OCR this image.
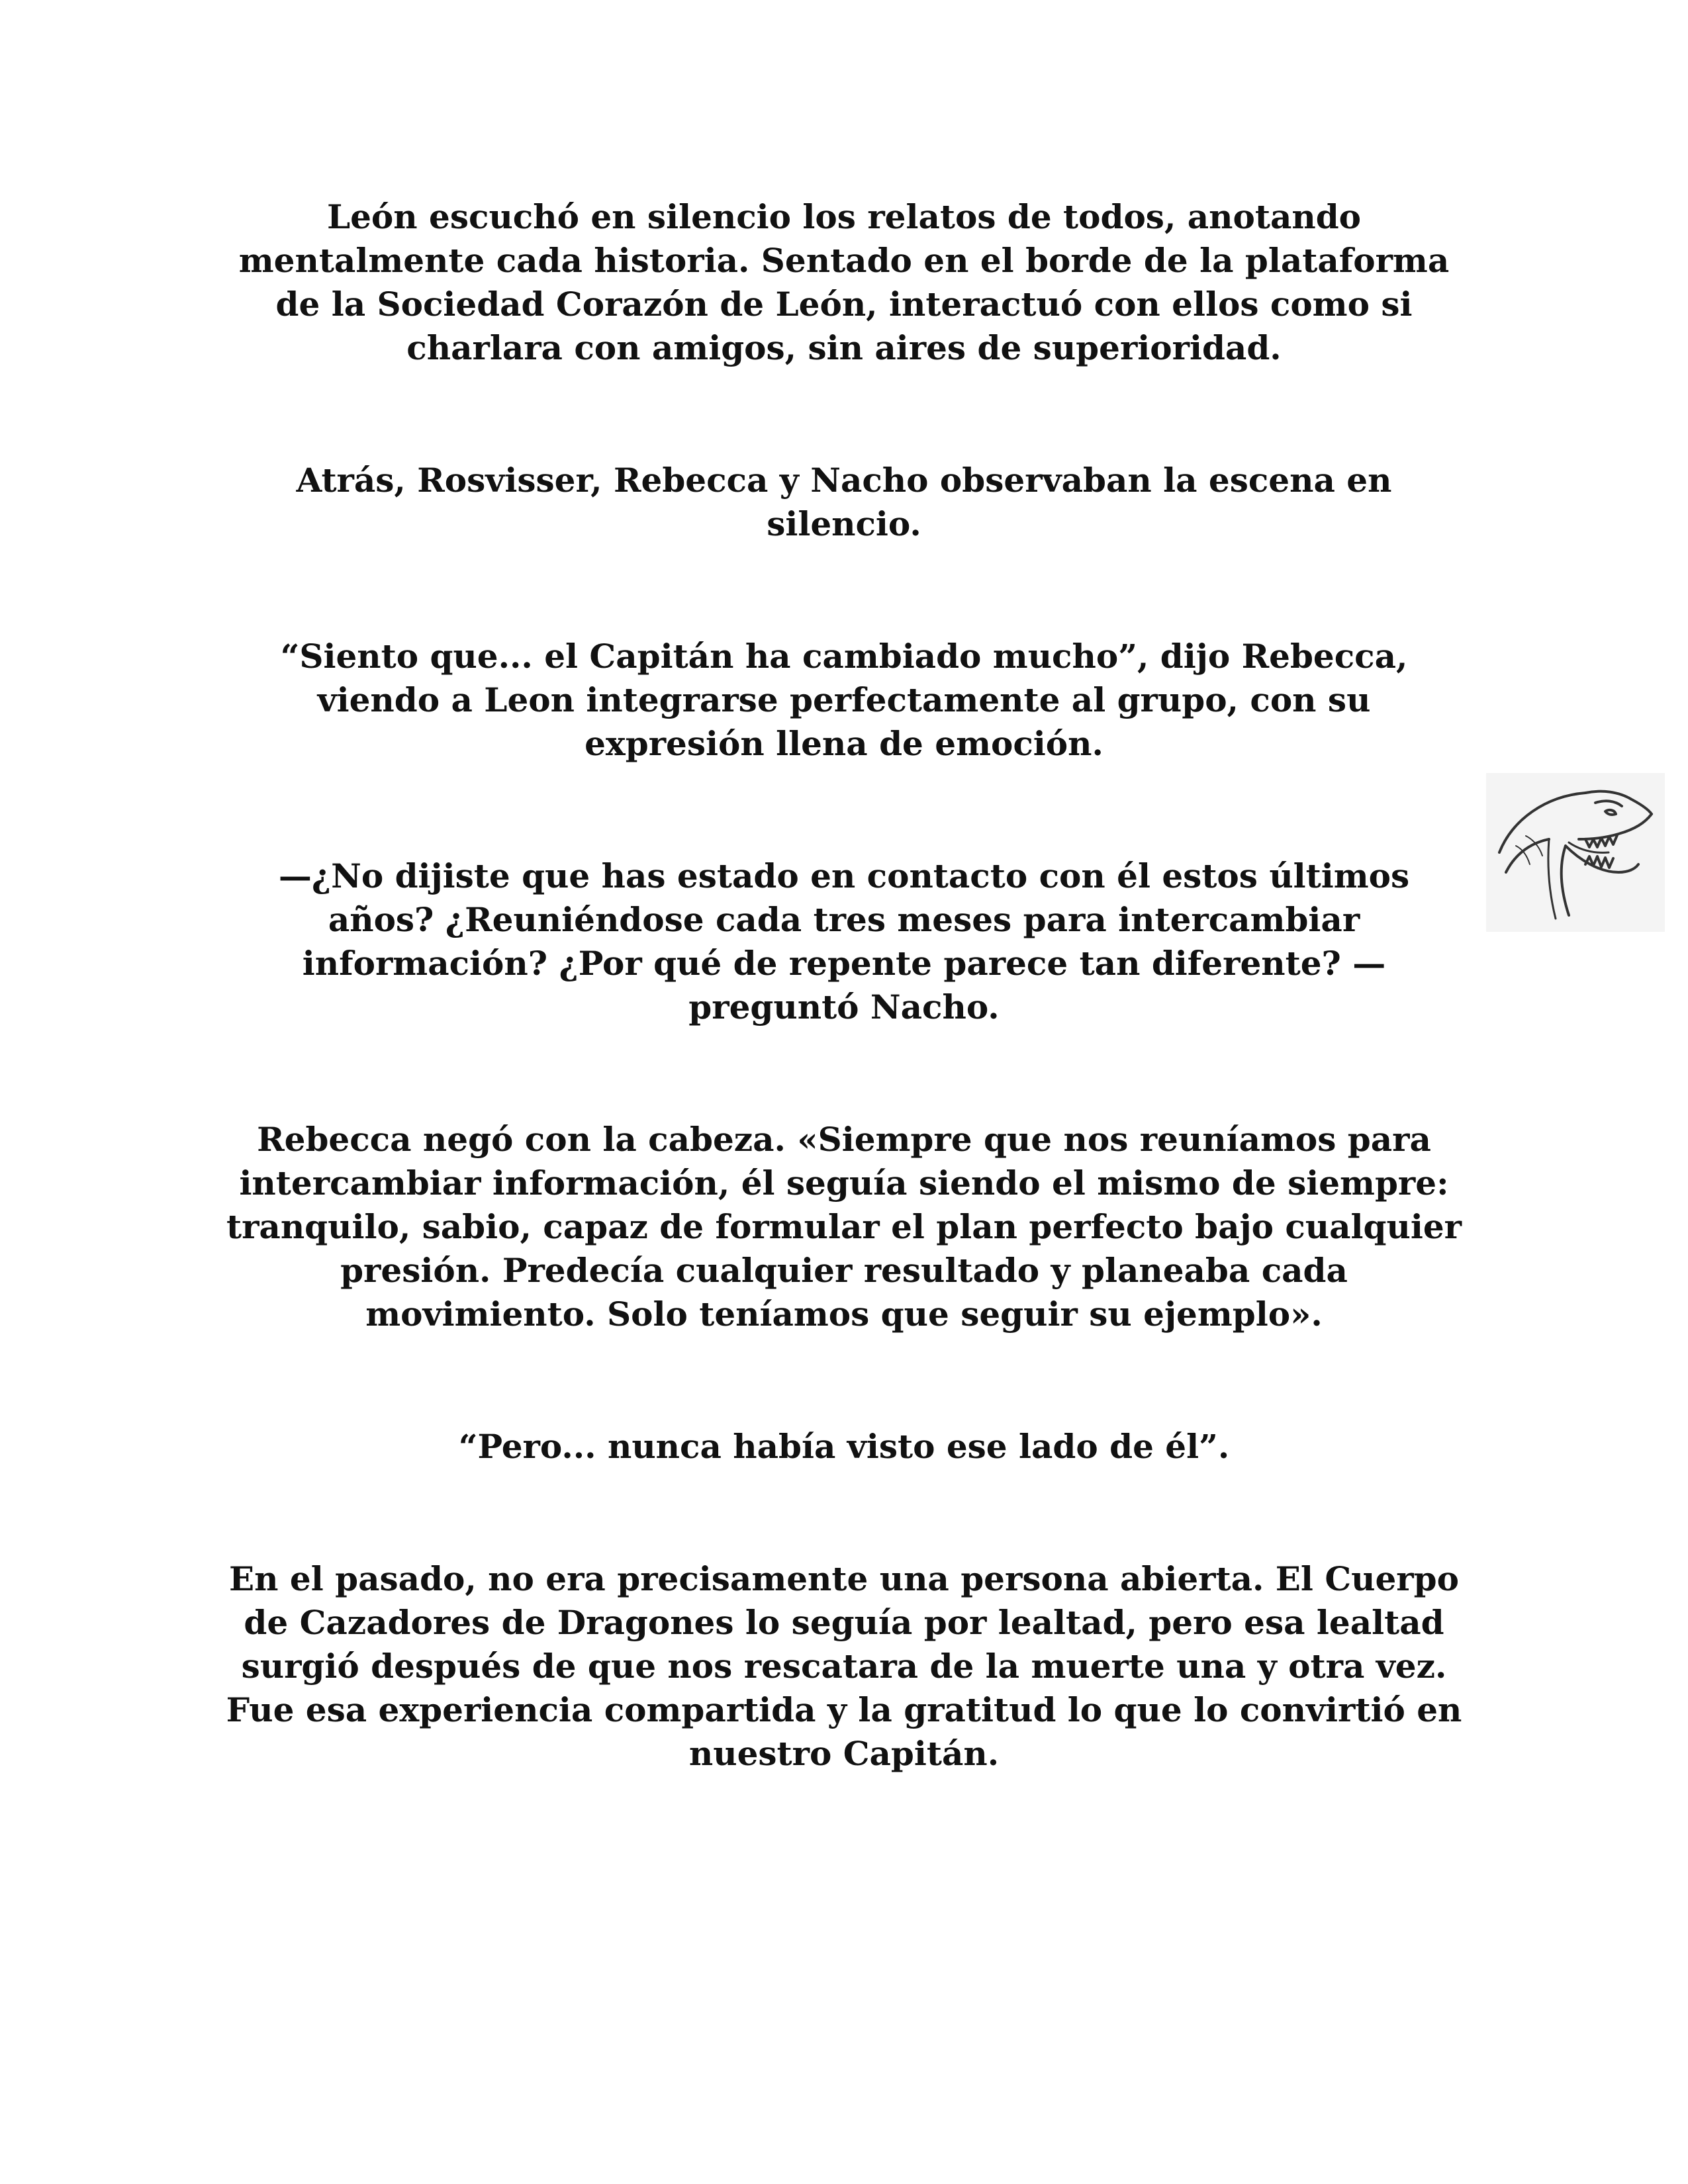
León escuchó en silencio los relatos de todos, anotando mentalmente cada historia. Sentado en el borde de la plataforma de la Sociedad Corazón de León, interactuó con ellos como si charlara con amigos, sin aires de superioridad.

Atrás, Rosvisser, Rebecca y Nacho observaban la escena en silencio.

“Siento que... el Capitán ha cambiado mucho”, dijo Rebecca, viendo a Leon integrarse perfectamente al grupo, con su expresión llena de emoción.

—¿No dijiste que has estado en contacto con él estos últimos años? ¿Reuniéndose cada tres meses para intercambiar información? ¿Por qué de repente parece tan diferente? —preguntó Nacho.

Rebecca negó con la cabeza. «Siempre que nos reuníamos para intercambiar información, él seguía siendo el mismo de siempre: tranquilo, sabio, capaz de formular el plan perfecto bajo cualquier presión. Predecía cualquier resultado y planeaba cada movimiento. Solo teníamos que seguir su ejemplo».

“Pero... nunca había visto ese lado de él”.

En el pasado, no era precisamente una persona abierta. El Cuerpo de Cazadores de Dragones lo seguía por lealtad, pero esa lealtad surgió después de que nos rescatara de la muerte una y otra vez. Fue esa experiencia compartida y la gratitud lo que lo convirtió en nuestro Capitán.
